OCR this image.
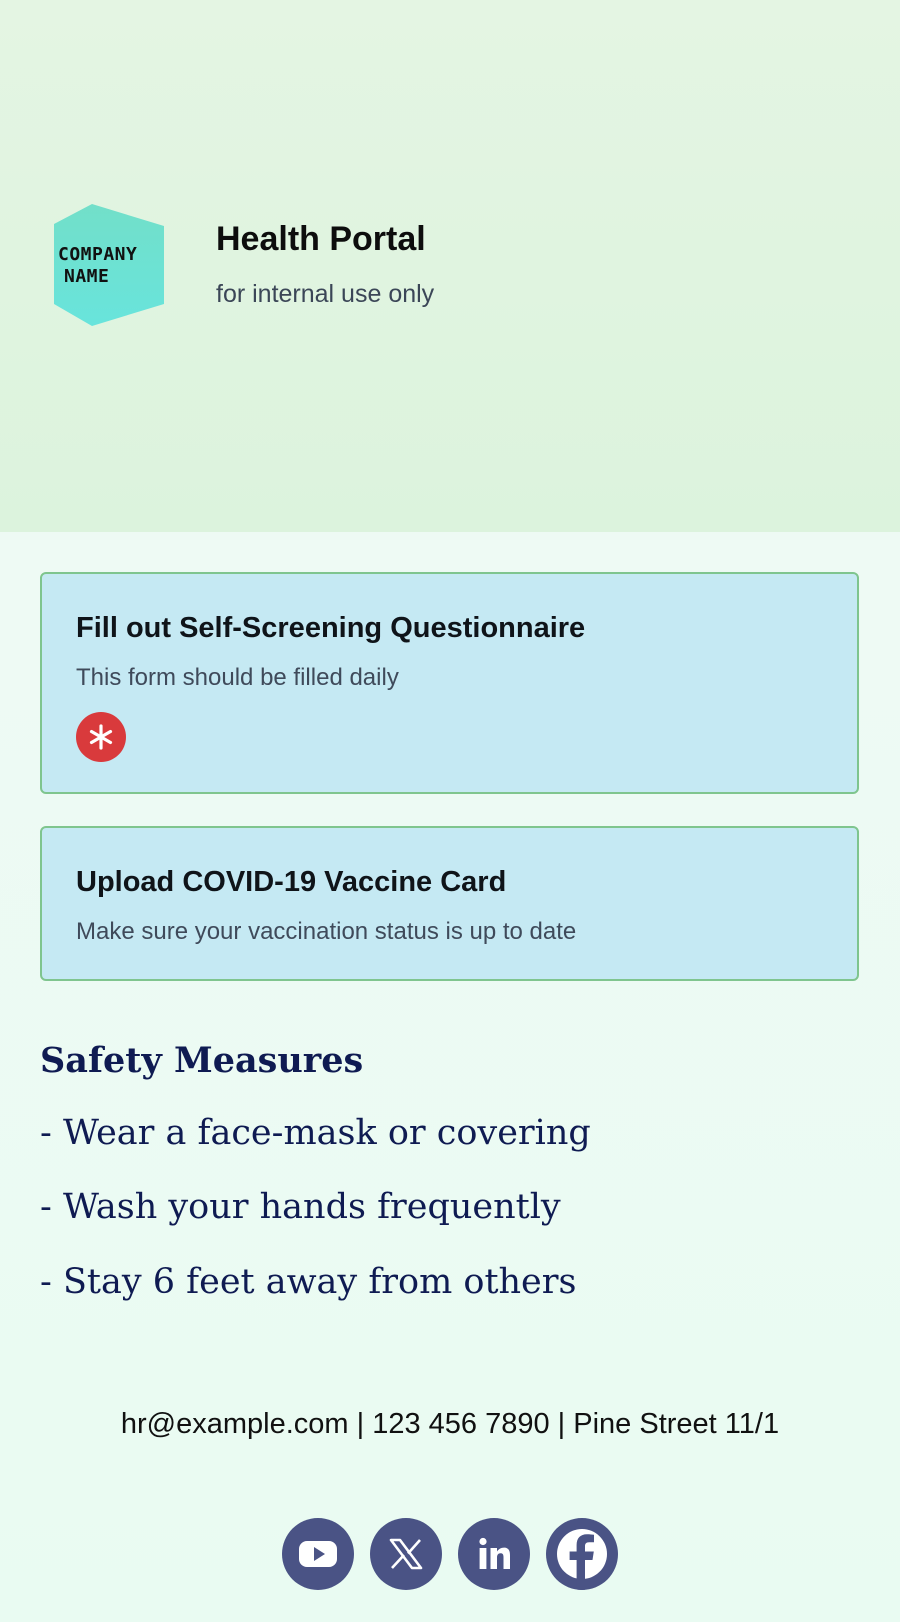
COMPANY
NAME
Health Portal
for internal use only
Fill out Self-Screening Questionnaire
This form should be filled daily
Upload COVID-19 Vaccine Card
Make sure your vaccination status is up to date
Safety Measures
- Wear a face-mask or covering
- Wash your hands frequently
- Stay 6 feet away from others
hr@example.com | 123 456 7890 | Pine Street 11/1
